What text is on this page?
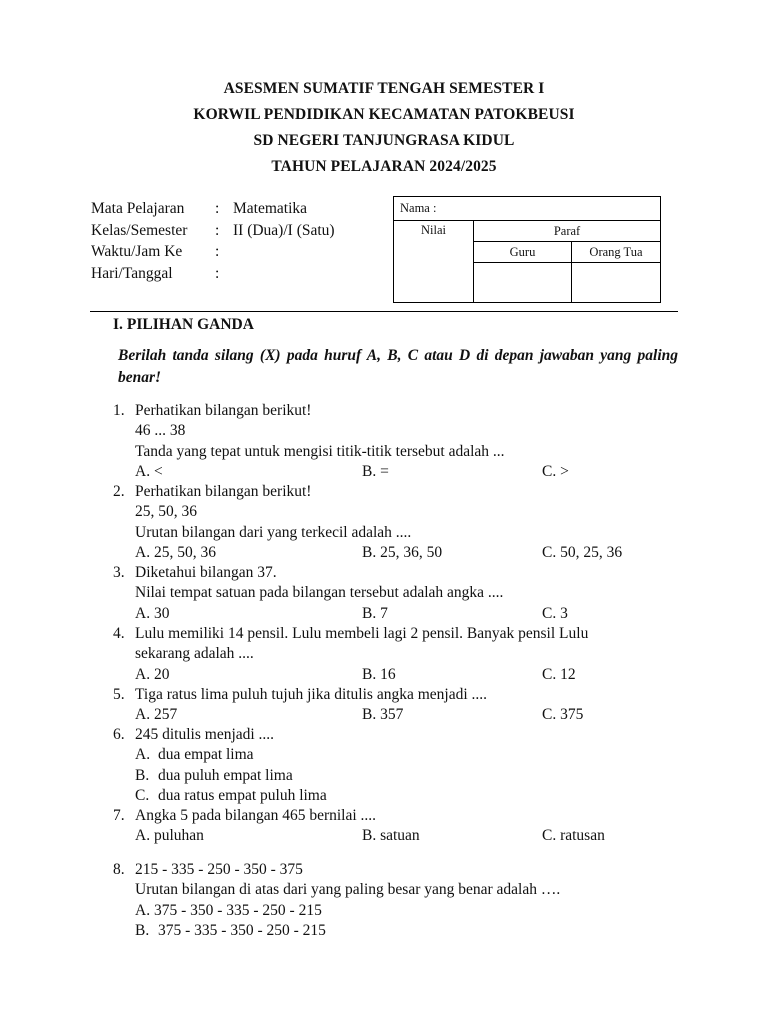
ASESMEN SUMATIF TENGAH SEMESTER I
KORWIL PENDIDIKAN KECAMATAN PATOKBEUSI
SD NEGERI TANJUNGRASA KIDUL
TAHUN PELAJARAN 2024/2025
Mata Pelajaran : Matematika
Kelas/Semester : II (Dua)/I (Satu)
Waktu/Jam Ke :
Hari/Tanggal	:
Nama :		
Nilai	Paraf	
	Guru	Orang Tua

I. PILIHAN GANDA
Berilah tanda silang (X) pada huruf A, B, C atau D di depan jawaban yang paling benar!
1. Perhatikan bilangan berikut!
46 ... 38
Tanda yang tepat untuk mengisi titik-titik tersebut adalah ...
A. <	B. =	C. >
2. Perhatikan bilangan berikut!
25, 50, 36
Urutan bilangan dari yang terkecil adalah ....
A. 25, 50, 36	B. 25, 36, 50	C. 50, 25, 36
3. Diketahui bilangan 37.
Nilai tempat satuan pada bilangan tersebut adalah angka ....
A. 30	B. 7	C. 3
4. Lulu memiliki 14 pensil. Lulu membeli lagi 2 pensil. Banyak pensil Lulu
sekarang adalah ....
A. 20	B. 16	C. 12
5. Tiga ratus lima puluh tujuh jika ditulis angka menjadi ....
A. 257	B. 357	C. 375
6. 245 ditulis menjadi ....
A. dua empat lima
B. dua puluh empat lima
C. dua ratus empat puluh lima
7. Angka 5 pada bilangan 465 bernilai ....
A. puluhan	B. satuan	C. ratusan
8. 215 - 335 - 250 - 350 - 375
Urutan bilangan di atas dari yang paling besar yang benar adalah ….
A. 375 - 350 - 335 - 250 - 215
B. 375 - 335 - 350 - 250 - 215
